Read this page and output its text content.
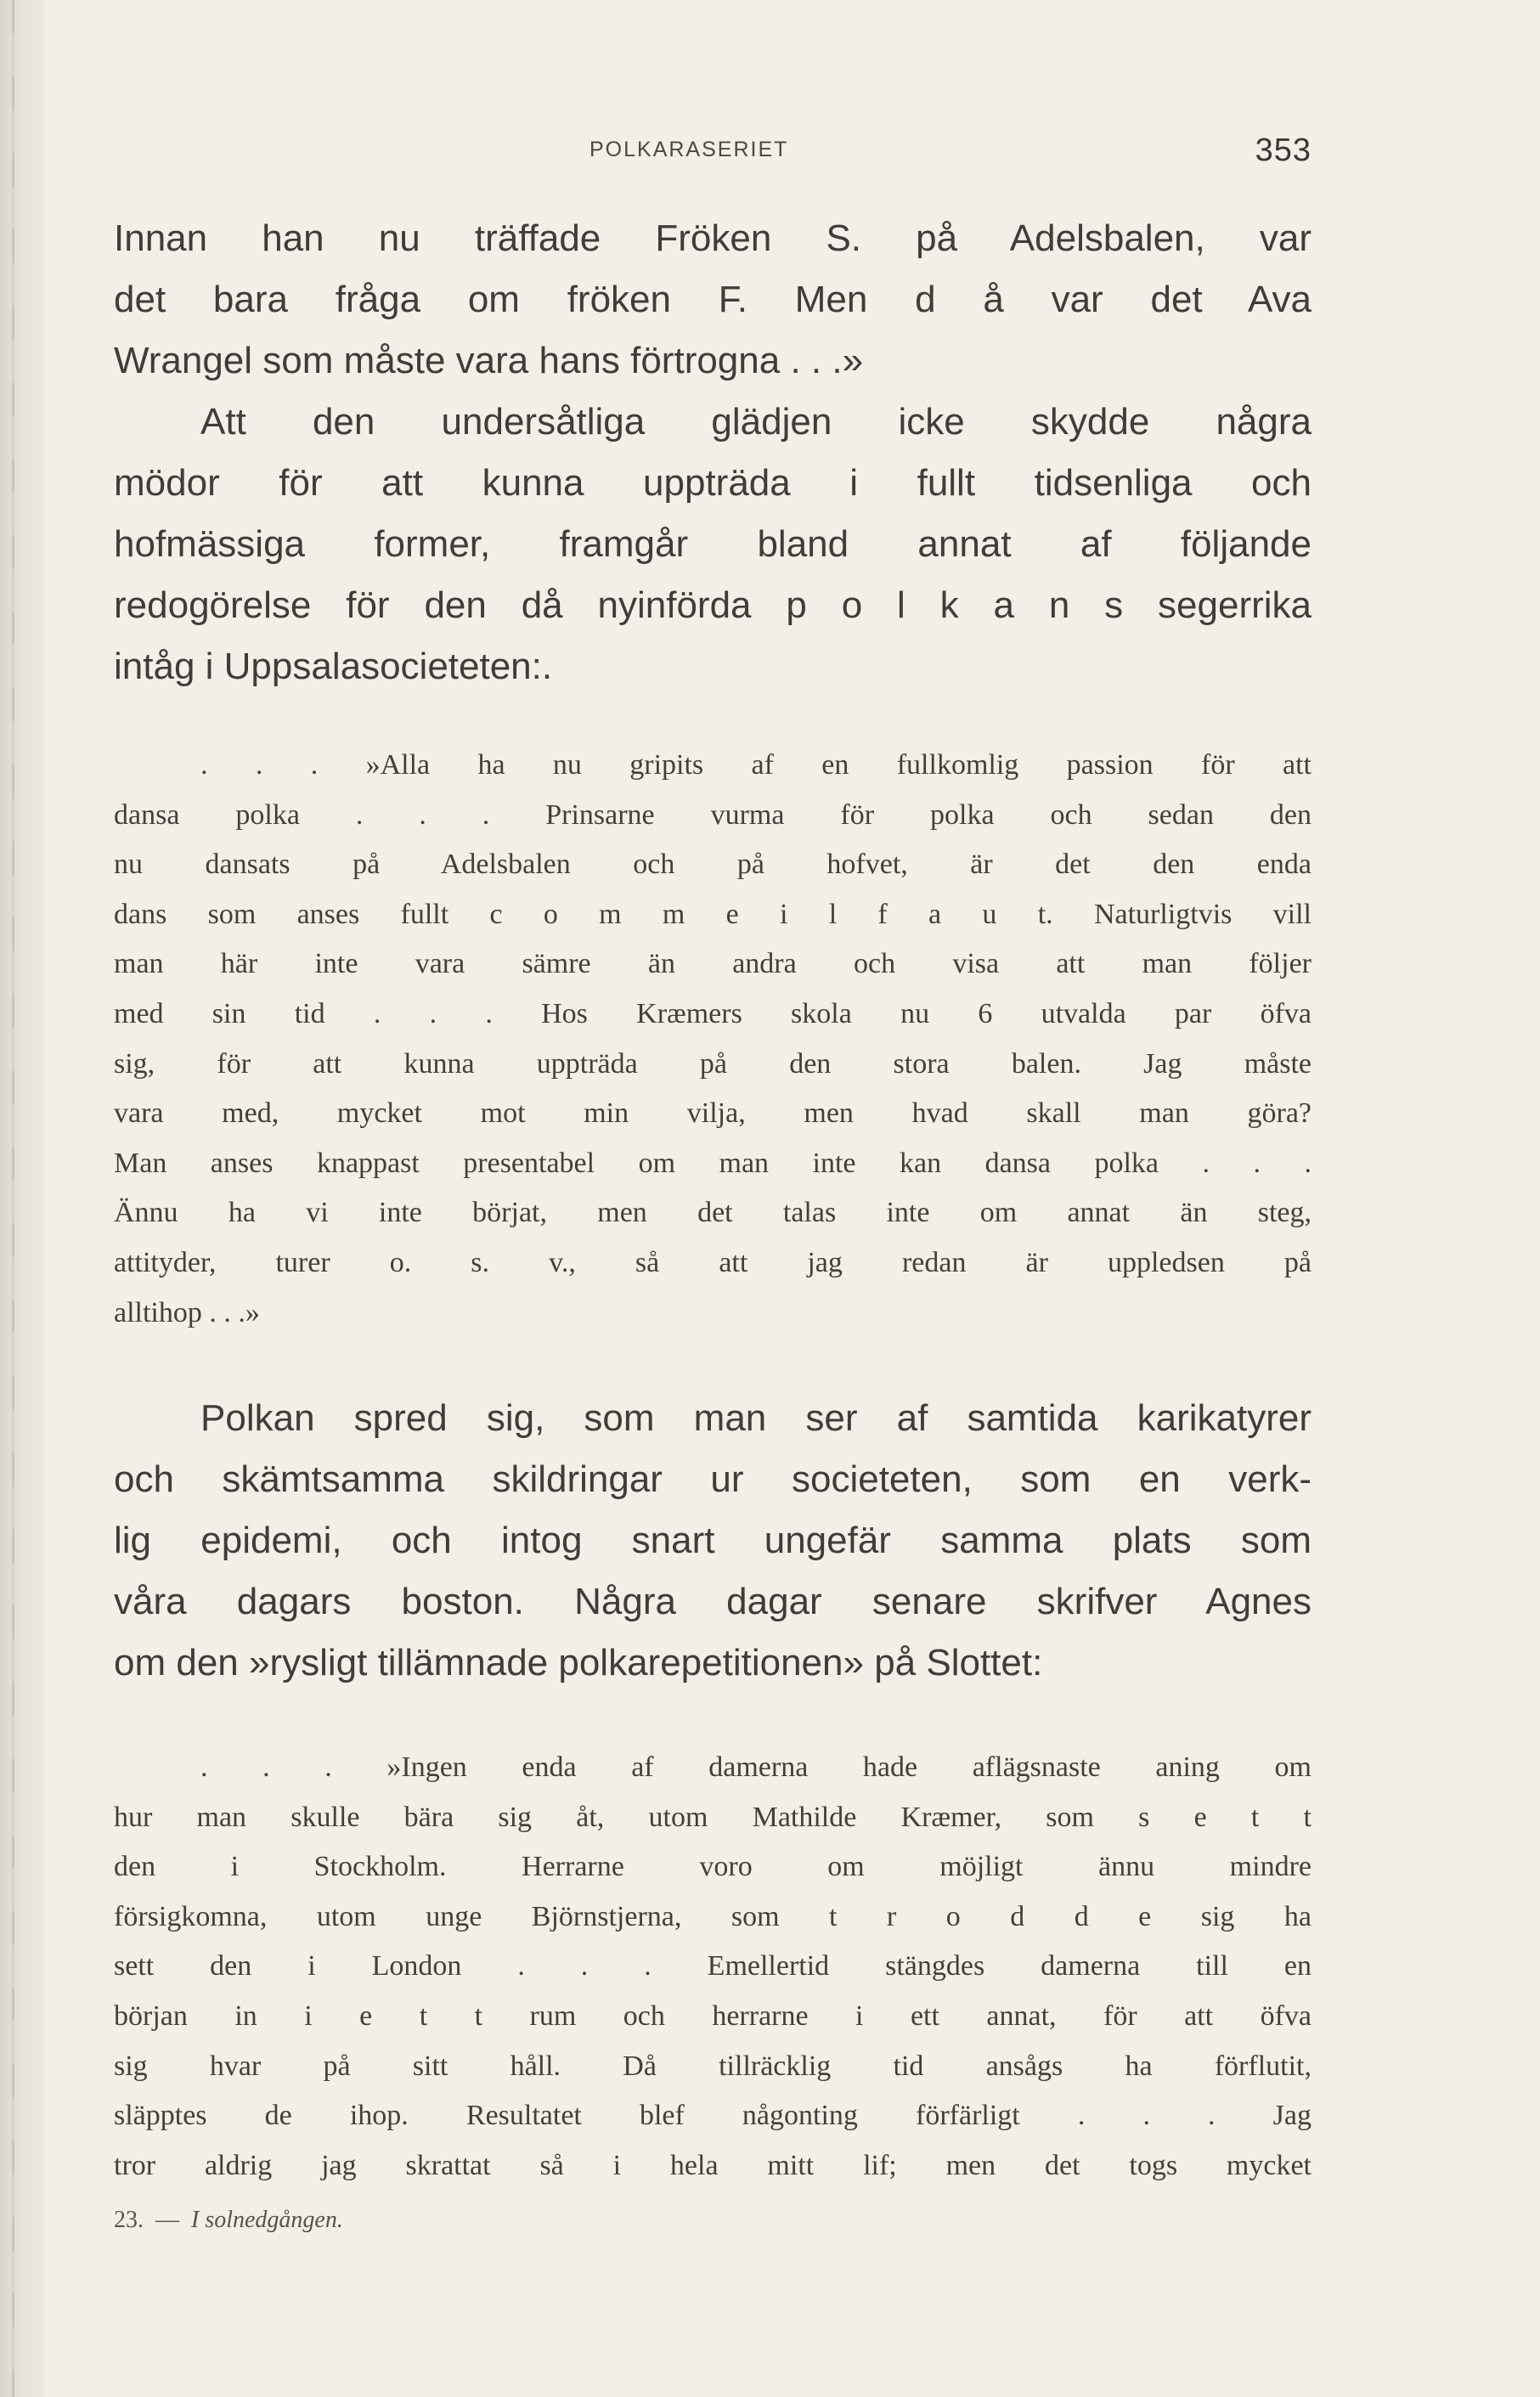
POLKARASERIET	353
Innan han nu träffade Fröken S. på Adelsbalen, var
det bara fråga om fröken F. Men d å var det Ava
Wrangel som måste vara hans förtrogna . . .»
Att den undersåtliga glädjen icke skydde några
mödor för att kunna uppträda i fullt tidsenliga och
hofmässiga former, framgår bland annat af följande
redogörelse för den då nyinförda p o l k a n s segerrika
intåg i Uppsalasocieteten:.
. . . »Alla ha nu gripits af en fullkomlig passion för att
dansa polka . . . Prinsarne vurma för polka och sedan den
nu dansats på Adelsbalen och på hofvet, är det den enda
dans som anses fullt c o m m e i l f a u t. Naturligtvis vill
man här inte vara sämre än andra och visa att man följer
med sin tid . . . Hos Kræmers skola nu 6 utvalda par öfva
sig, för att kunna uppträda på den stora balen. Jag måste
vara med, mycket mot min vilja, men hvad skall man göra?
Man anses knappast presentabel om man inte kan dansa polka . . .
Ännu ha vi inte börjat, men det talas inte om annat än steg,
attityder, turer o. s. v., så att jag redan är uppledsen på
alltihop . . .»
Polkan spred sig, som man ser af samtida karikatyrer
och skämtsamma skildringar ur societeten, som en verk-
lig epidemi, och intog snart ungefär samma plats som
våra dagars boston. Några dagar senare skrifver Agnes
om den »rysligt tillämnade polkarepetitionen» på Slottet:
. . . »Ingen enda af damerna hade aflägsnaste aning om
hur man skulle bära sig åt, utom Mathilde Kræmer, som s e t t
den i Stockholm. Herrarne voro om möjligt ännu mindre
försigkomna, utom unge Björnstjerna, som t r o d d e sig ha
sett den i London . . . Emellertid stängdes damerna till en
början in i e t t rum och herrarne i ett annat, för att öfva
sig hvar på sitt håll. Då tillräcklig tid ansågs ha förflutit,
släpptes de ihop. Resultatet blef någonting förfärligt . . . Jag
tror aldrig jag skrattat så i hela mitt lif; men det togs mycket
23. — I solnedgången.
